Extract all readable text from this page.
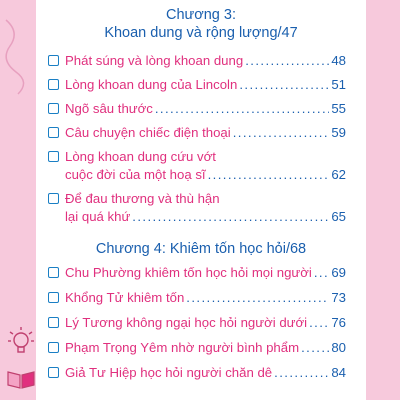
Chương 3:
Khoan dung và rộng lượng/47
Phát súng và lòng khoan dung .....	48
Lòng khoan dung của Lincoln .....	51
Ngõ sâu thước .....	55
Câu chuyện chiếc điện thoại .....	59
Lòng khoan dung cứu vớt
cuộc đời của một hoạ sĩ .....	62
Để đau thương và thù hận
lại quá khứ .....	65
Chương 4: Khiêm tốn học hỏi/68
Chu Phường khiêm tốn học hỏi mọi người ..... 69
Khổng Tử khiêm tốn .....	73
Lý Tương không ngại học hỏi người dưới ..... 76
Phạm Trọng Yêm nhờ người bình phẩm ..... 80
Giả Tư Hiệp học hỏi người chăn dê .....	84
